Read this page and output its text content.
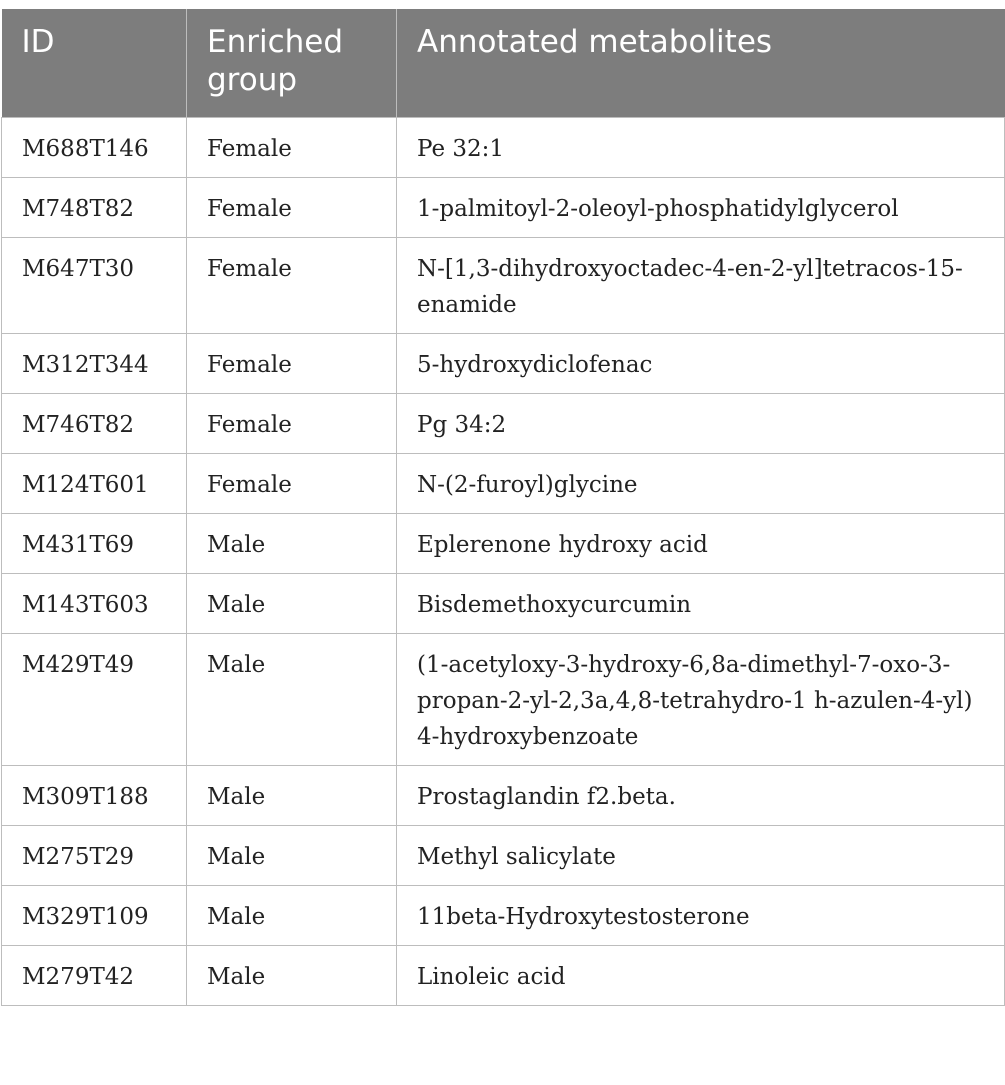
ID	Enriched group	Annotated metabolites
M688T146	Female	Pe 32:1
M748T82	Female	1-palmitoyl-2-oleoyl-phosphatidylglycerol
M647T30	Female	N-[1,3-dihydroxyoctadec-4-en-2-yl]tetracos-15-enamide
M312T344	Female	5-hydroxydiclofenac
M746T82	Female	Pg 34:2
M124T601	Female	N-(2-furoyl)glycine
M431T69	Male	Eplerenone hydroxy acid
M143T603	Male	Bisdemethoxycurcumin
M429T49	Male	(1-acetyloxy-3-hydroxy-6,8a-dimethyl-7-oxo-3-propan-2-yl-2,3a,4,8-tetrahydro-1 h-azulen-4-yl) 4-hydroxybenzoate
M309T188	Male	Prostaglandin f2.beta.
M275T29	Male	Methyl salicylate
M329T109	Male	11beta-Hydroxytestosterone
M279T42	Male	Linoleic acid
